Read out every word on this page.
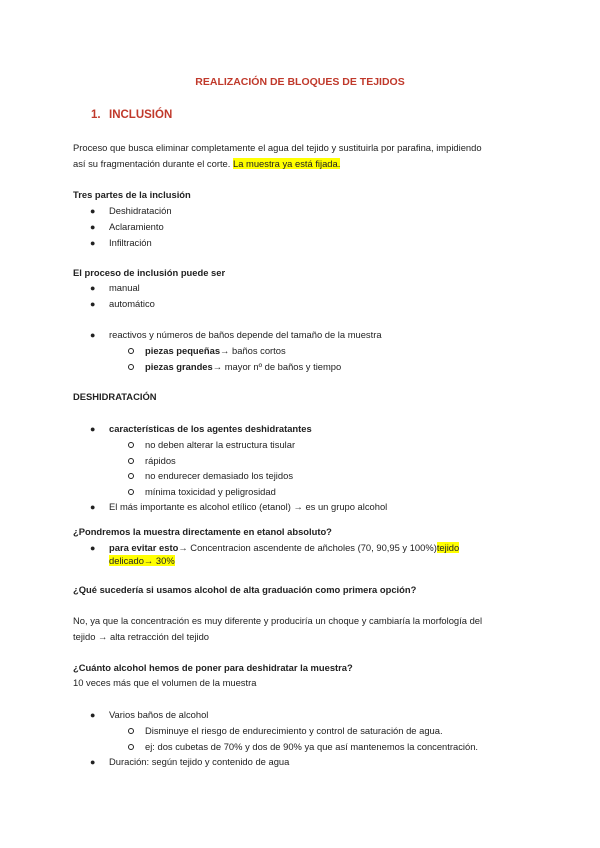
REALIZACIÓN DE BLOQUES DE TEJIDOS
1. INCLUSIÓN
Proceso que busca eliminar completamente el agua del tejido y sustituirla por parafina, impidiendo
así su fragmentación durante el corte. La muestra ya está fijada.
Tres partes de la inclusión
● Deshidratación
● Aclaramiento
● Infiltración
El proceso de inclusión puede ser
● manual
● automático
● reactivos y números de baños depende del tamaño de la muestra
piezas pequeñas→ baños cortos
piezas grandes→ mayor nº de baños y tiempo
DESHIDRATACIÓN
● características de los agentes deshidratantes
no deben alterar la estructura tisular
rápidos
no endurecer demasiado los tejidos
mínima toxicidad y peligrosidad
● El más importante es alcohol etílico (etanol) → es un grupo alcohol
¿Pondremos la muestra directamente en etanol absoluto?
● para evitar esto→ Concentracion ascendente de añcholes (70, 90,95 y 100%)tejido
delicado→ 30%
¿Qué sucedería si usamos alcohol de alta graduación como primera opción?
No, ya que la concentración es muy diferente y produciría un choque y cambiaría la morfología del
tejido → alta retracción del tejido
¿Cuánto alcohol hemos de poner para deshidratar la muestra?
10 veces más que el volumen de la muestra
● Varios baños de alcohol
Disminuye el riesgo de endurecimiento y control de saturación de agua.
ej: dos cubetas de 70% y dos de 90% ya que así mantenemos la concentración.
● Duración: según tejido y contenido de agua
